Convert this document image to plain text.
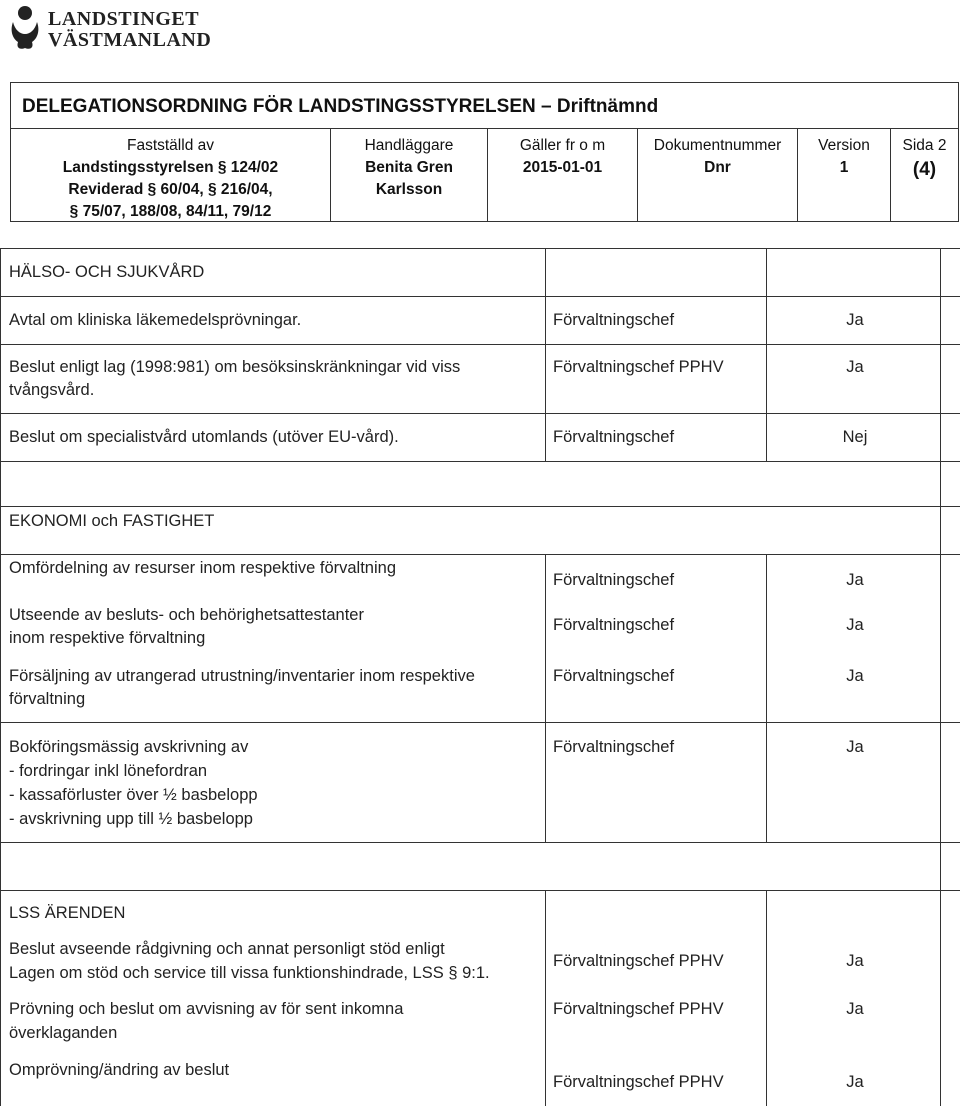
LANDSTINGET
VÄSTMANLAND
DELEGATIONSORDNING FÖR LANDSTINGSSTYRELSEN – Driftnämnd
Fastställd av
Landstingsstyrelsen § 124/02
Reviderad § 60/04, § 216/04,
§ 75/07, 188/08, 84/11, 79/12
Handläggare
Benita Gren Karlsson
Gäller fr o m
2015-01-01
Dokumentnummer
Dnr
Version
1
Sida 2
(4)
HÄLSO- OCH SJUKVÅRD
Avtal om kliniska läkemedelsprövningar.	Förvaltningschef	Ja
Beslut enligt lag (1998:981) om besöksinskränkningar vid viss
tvångsvård.
Förvaltningschef PPHV	Ja
Beslut om specialistvård utomlands (utöver EU-vård).	Förvaltningschef	Nej
EKONOMI och FASTIGHET
Omfördelning av resurser inom respektive förvaltning
Förvaltningschef	Ja
Utseende av besluts- och behörighetsattestanter
inom respektive förvaltning
Förvaltningschef	Ja
Försäljning av utrangerad utrustning/inventarier inom respektive
förvaltning
Förvaltningschef	Ja
Bokföringsmässig avskrivning av
- fordringar inkl lönefordran
- kassaförluster över ½ basbelopp
- avskrivning upp till ½ basbelopp
Förvaltningschef	Ja
LSS ÄRENDEN
Beslut avseende rådgivning och annat personligt stöd enligt
Lagen om stöd och service till vissa funktionshindrade, LSS § 9:1.
Förvaltningschef PPHV	Ja
Prövning och beslut om avvisning av för sent inkomna
överklaganden
Förvaltningschef PPHV	Ja
Omprövning/ändring av beslut
Förvaltningschef PPHV	Ja
